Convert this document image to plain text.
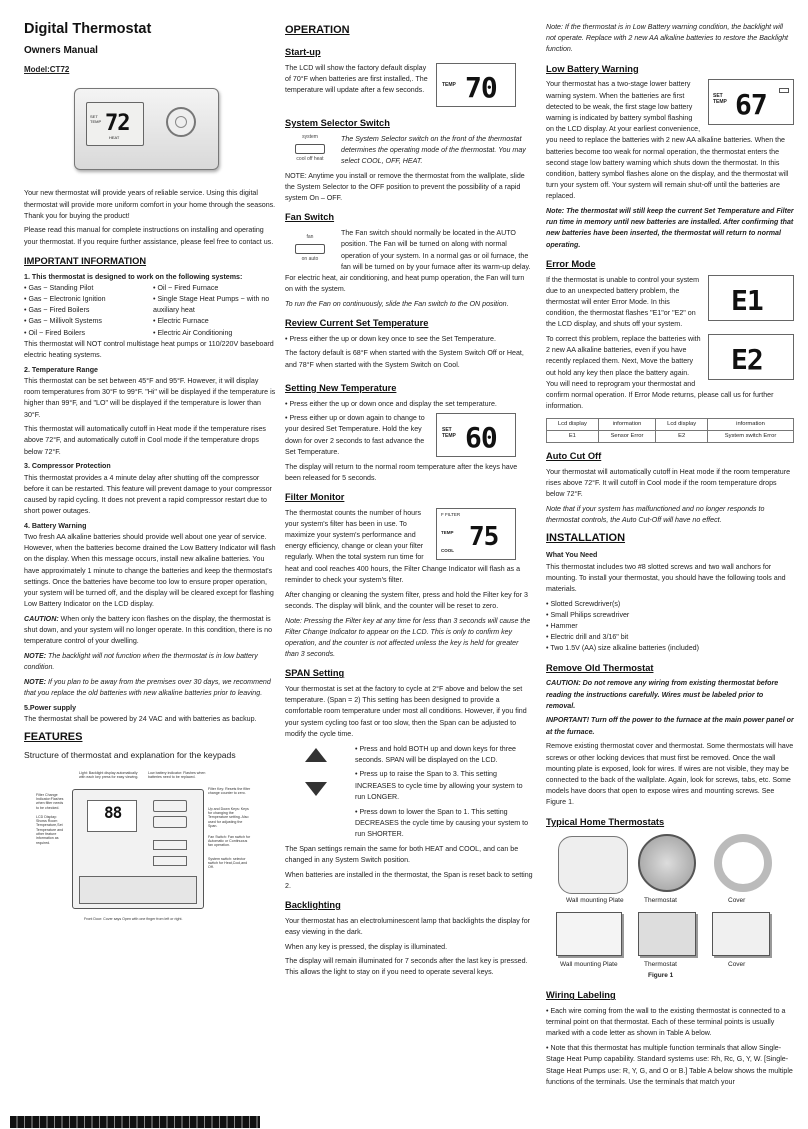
Digital Thermostat
Owners Manual
Model:CT72
SET TEMP 72
HEAT

Your new thermostat will provide years of reliable service. Using this digital thermostat will provide more uniform comfort in your home through the seasons. Thank you for buying the product!

Please read this manual for complete instructions on installing and operating your thermostat. If you require further assistance, please feel free to contact us.

IMPORTANT INFORMATION
1. This thermostat is designed to work on the following systems:
• Gas ~ Standing Pilot
• Gas ~ Electronic Ignition
• Gas ~ Fired Boilers
• Gas ~ Millivolt Systems
• Oil ~ Fired Boilers
• Oil ~ Fired Furnace
• Single Stage Heat Pumps ~ with no auxiliary heat
• Electric Furnace
• Electric Air Conditioning

This thermostat will NOT control multistage heat pumps or 110/220V baseboard electric heating systems.

2. Temperature Range

This thermostat can be set between 45°F and 95°F. However, it will display room temperatures from 30°F to 99°F. "Hi" will be displayed if the temperature is higher than 99°F, and "LO" will be displayed if the temperature is lower than 30°F.

This thermostat will automatically cutoff in Heat mode if the temperature rises above 72°F, and automatically cutoff in Cool mode if the temperature drops below 72°F.

3. Compressor Protection

This thermostat provides a 4 minute delay after shutting off the compressor before it can be restarted. This feature will prevent damage to your compressor caused by rapid cycling. It does not prevent a rapid compressor restart due to short power outages.

4. Battery Warning

Two fresh AA alkaline batteries should provide well about one year of service. However, when the batteries become drained the Low Battery Indicator will flash on the display. When this message occurs, install new alkaline batteries. You have approximately 1 minute to change the batteries and keep the thermostat's settings. Once the batteries have become too low to ensure proper operation, your system will be turned off, and the display will be cleared except for flashing Low Battery Indicator on the LCD display.

CAUTION: When only the battery icon flashes on the display, the thermostat is shut down, and your system will no longer operate. In this condition, there is no temperature control of your dwelling.

NOTE: The backlight will not function when the thermostat is in low battery condition.

NOTE: If you plan to be away from the premises over 30 days, we recommend that you replace the old batteries with new alkaline batteries prior to leaving.

5.Power supply

The thermostat shall be powered by 24 VAC and with batteries as backup.

FEATURES
Structure of thermostat and explanation for the keypads
Light: Backlight display automatically with each key press for easy viewing.
Low battery indicator: Flashes when batteries need to be replaced.
Filter Change Indicator:Flashes when filter needs to be checked.
LCD Display: Shows Room Temperature,Set Temperature and other feature information as required.
Filter Key: Resets the filter change counter to zero.
Up and Down Keys: Keys for changing the Temperature setting. Also used for adjusting the Span.
Fan Switch: Fan switch for Automatic or Continuous fan operation.
System switch: selector switch for Heat,Cool,and Off.
Front Door: Cover says Open with one finger from left or right.
88
OPERATION
Start-up
TEMP 70

The LCD will show the factory default display of 70°F when batteries are first installed,. The temperature will update after a few seconds.

System Selector Switch
system
cool off heat

The System Selector switch on the front of the thermostat determines the operating mode of the thermostat. You may select COOL, OFF, HEAT.

NOTE: Anytime you install or remove the thermostat from the wallplate, slide the System Selector to the OFF position to prevent the possibility of a rapid system On – OFF.

Fan Switch
fan
on auto

The Fan switch should normally be located in the AUTO position. The Fan will be turned on along with normal operation of your system. In a normal gas or oil furnace, the fan will be turned on by your furnace after its warm-up delay. For electric heat, air conditioning, and heat pump operation, the Fan will turn on with the system.

To run the Fan on continuously, slide the Fan switch to the ON position.

Review Current Set Temperature

• Press either the up or down key once to see the Set Temperature.

The factory default is 68°F when started with the System Switch Off or Heat, and 78°F when started with the System Switch on Cool.

Setting New Temperature

• Press either the up or down once and display the set temperature.

SET TEMP 60

• Press either up or down again to change to your desired Set Temperature. Hold the key down for over 2 seconds to fast advance the Set Temperature.

The display will return to the normal room temperature after the keys have been released for 5 seconds.

Filter Monitor
F FILTER
TEMP
COOL 75

The thermostat counts the number of hours your system's filter has been in use. To maximize your system's performance and energy efficiency, change or clean your filter regularly. When the total system run time for heat and cool reaches 400 hours, the Filter Change Indicator will flash as a reminder to check your system's filter.

After changing or cleaning the system filter, press and hold the Filter key for 3 seconds. The display will blink, and the counter will be reset to zero.

Note: Pressing the Filter key at any time for less than 3 seconds will cause the Filter Change Indicator to appear on the LCD. This is only to confirm key operation, and the counter is not affected unless the key is held for greater than 3 seconds.

SPAN Setting

Your thermostat is set at the factory to cycle at 2°F above and below the set temperature. (Span = 2) This setting has been designed to provide a comfortable room temperature under most all conditions. However, if you find your system cycling too fast or too slow, then the Span can be adjusted to modify the cycle time.

• Press and hold BOTH up and down keys for three seconds. SPAN will be displayed on the LCD.

• Press up to raise the Span to 3. This setting INCREASES to cycle time by allowing your system to run LONGER.

• Press down to lower the Span to 1. This setting DECREASES the cycle time by causing your system to run SHORTER.

The Span settings remain the same for both HEAT and COOL, and can be changed in any System Switch position.

When batteries are installed in the thermostat, the Span is reset back to setting 2.

Backlighting

Your thermostat has an electroluminescent lamp that backlights the display for easy viewing in the dark.

When any key is pressed, the display is illuminated.

The display will remain illuminated for 7 seconds after the last key is pressed. This allows the light to stay on if you need to operate several keys.

Note: If the thermostat is in Low Battery warning condition, the backlight will not operate. Replace with 2 new AA alkaline batteries to restore the Backlight function.

Low Battery Warning
SET TEMP 67

Your thermostat has a two-stage lower battery warning system. When the batteries are first detected to be weak, the first stage low battery warning is indicated by battery symbol flashing on the LCD display. At your earliest convenience, you need to replace the batteries with 2 new AA alkaline batteries. When the batteries become too weak for normal operation, the thermostat enters the second stage low battery warning which shuts down the thermostat. In this condition, battery symbol flashes alone on the display, and the thermostat will turn your system off. Your system will remain shut-off until the batteries are replaced.

Note: The thermostat will still keep the current Set Temperature and Filter run time in memory until new batteries are installed. After confirming that new batteries have been inserted, the thermostat will return to normal operating.

Error Mode
E1

If the thermostat is unable to control your system due to an unexpected battery problem, the thermostat will enter Error Mode. In this condition, the thermostat flashes "E1"or "E2" on the LCD display, and shuts off your system.

E2

To correct this problem, replace the batteries with 2 new AA alkaline batteries, even if you have recently replaced them. Next, Move the battery out hold any key then place the battery again. You will need to reprogram your thermostat and confirm normal operation. If Error Mode returns, please call us for further information.

Lcd display	information	Lcd display	information
E1	Sensor Error	E2	System switch Error
Auto Cut Off

Your thermostat will automatically cutoff in Heat mode if the room temperature rises above 72°F. It will cutoff in Cool mode if the room temperature drops below 72°F.

Note that if your system has malfunctioned and no longer responds to thermostat controls, the Auto Cut-Off will have no effect.

INSTALLATION
What You Need

This thermostat includes two #8 slotted screws and two wall anchors for mounting. To install your thermostat, you should have the following tools and materials.

• Slotted Screwdriver(s)
• Small Philips screwdriver
• Hammer
• Electric drill and 3/16" bit
• Two 1.5V (AA) size alkaline batteries (included)
Remove Old Thermostat

CAUTION: Do not remove any wiring from existing thermostat before reading the instructions carefully. Wires must be labeled prior to removal.

INPORTANT! Turn off the power to the furnace at the main power panel or at the furnace.

Remove existing thermostat cover and thermostat. Some thermostats will have screws or other locking devices that must first be removed. Once the wall mounting plate is exposed, look for wires. If wires are not visible, they may be connected to the back of the wallplate. Again, look for screws, tabs, etc. Some models have doors that open to expose wires and mounting screws. See Figure 1.

Typical Home Thermostats
Wall mounting Plate	Thermostat	Cover
Wall mounting Plate	Thermostat	Cover
Figure 1
Wiring Labeling

• Each wire coming from the wall to the existing thermostat is connected to a terminal point on that thermostat. Each of these terminal points is usually marked with a code letter as shown in Table A below.

• Note that this thermostat has multiple function terminals that allow Single-Stage Heat Pump capability. Standard systems use: Rh, Rc, G, Y, W. [Single-Stage Heat Pumps use: R, Y, G, and O or B.] Table A below shows the multiple functions of the terminals. Use the terminals that match your
